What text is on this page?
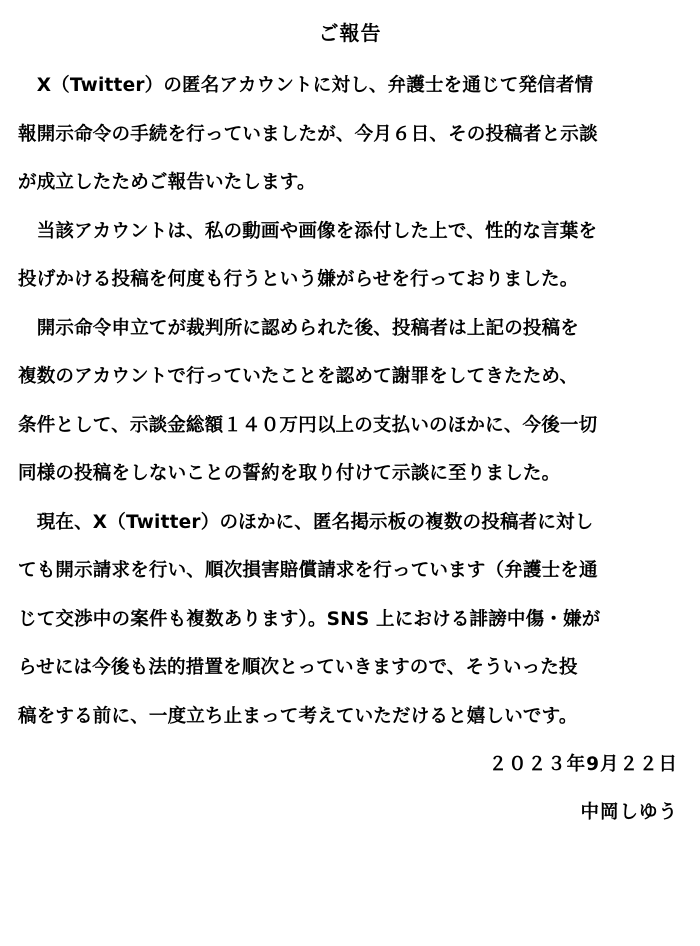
ご報告
　X（Twitter）の匿名アカウントに対し、弁護士を通じて発信者情
報開示命令の手続を行っていましたが、今月６日、その投稿者と示談
が成立したためご報告いたします。
　当該アカウントは、私の動画や画像を添付した上で、性的な言葉を
投げかける投稿を何度も行うという嫌がらせを行っておりました。
　開示命令申立てが裁判所に認められた後、投稿者は上記の投稿を
複数のアカウントで行っていたことを認めて謝罪をしてきたため、
条件として、示談金総額１４０万円以上の支払いのほかに、今後一切
同様の投稿をしないことの誓約を取り付けて示談に至りました。
　現在、X（Twitter）のほかに、匿名掲示板の複数の投稿者に対し
ても開示請求を行い、順次損害賠償請求を行っています（弁護士を通
じて交渉中の案件も複数あります）。SNS 上における誹謗中傷・嫌が
らせには今後も法的措置を順次とっていきますので、そういった投
稿をする前に、一度立ち止まって考えていただけると嬉しいです。
２０２３年9月２２日
中岡しゆう
